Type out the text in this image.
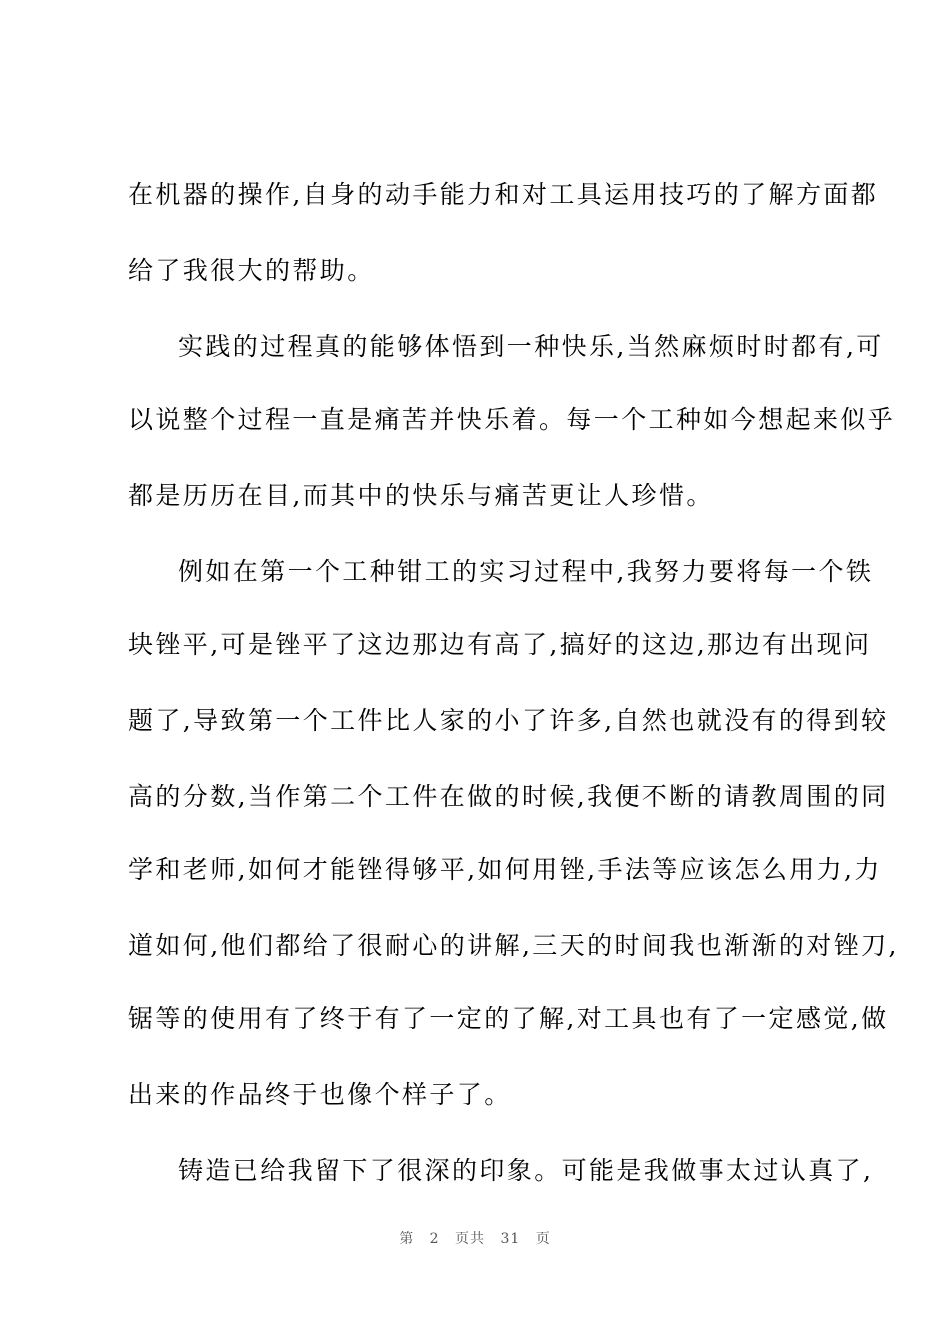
在机器的操作,自身的动手能力和对工具运用技巧的了解方面都
给了我很大的帮助。
实践的过程真的能够体悟到一种快乐,当然麻烦时时都有,可
以说整个过程一直是痛苦并快乐着。每一个工种如今想起来似乎
都是历历在目,而其中的快乐与痛苦更让人珍惜。
例如在第一个工种钳工的实习过程中,我努力要将每一个铁
块锉平,可是锉平了这边那边有高了,搞好的这边,那边有出现问
题了,导致第一个工件比人家的小了许多,自然也就没有的得到较
高的分数,当作第二个工件在做的时候,我便不断的请教周围的同
学和老师,如何才能锉得够平,如何用锉,手法等应该怎么用力,力
道如何,他们都给了很耐心的讲解,三天的时间我也渐渐的对锉刀,
锯等的使用有了终于有了一定的了解,对工具也有了一定感觉,做
出来的作品终于也像个样子了。
铸造已给我留下了很深的印象。可能是我做事太过认真了,
第 2 页共 31 页
